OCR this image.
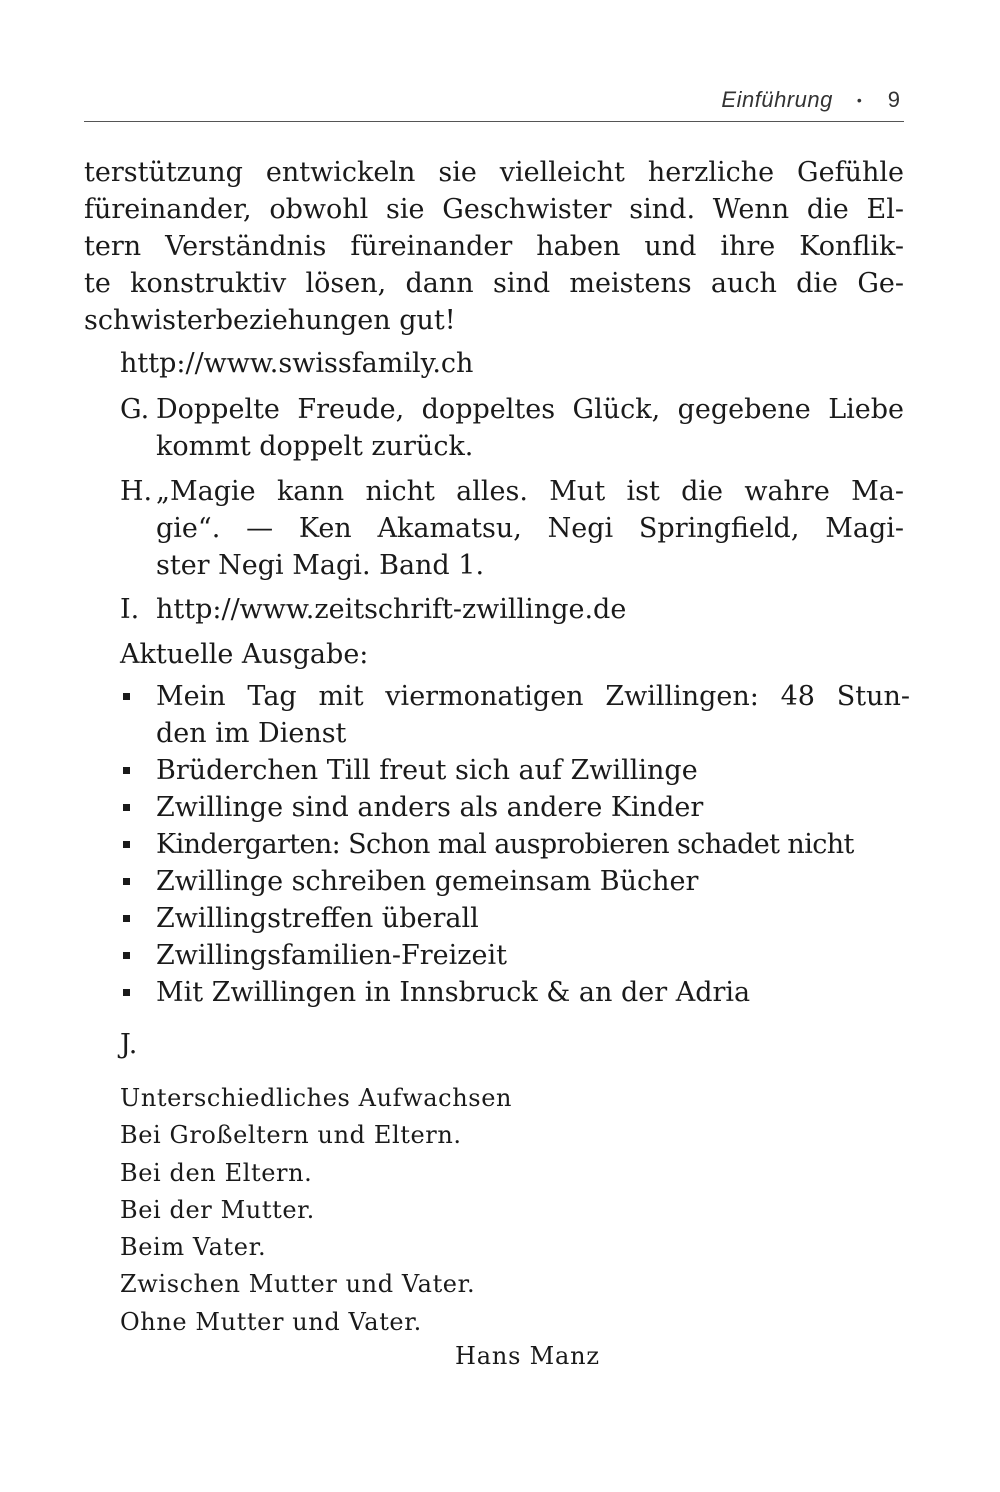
Einführung • 9
terstützung entwickeln sie vielleicht herzliche Gefühle
füreinander, obwohl sie Geschwister sind. Wenn die El-
tern Verständnis füreinander haben und ihre Konflik-
te konstruktiv lösen, dann sind meistens auch die Ge-
schwisterbeziehungen gut!
http://www.swissfamily.ch
G. Doppelte Freude, doppeltes Glück, gegebene Liebe
kommt doppelt zurück.
H. „Magie kann nicht alles. Mut ist die wahre Ma-
gie“. — Ken Akamatsu, Negi Springfield, Magi-
ster Negi Magi. Band 1.
I. http://www.zeitschrift-zwillinge.de
Aktuelle Ausgabe:
Mein Tag mit viermonatigen Zwillingen: 48 Stun-
den im Dienst
Brüderchen Till freut sich auf Zwillinge
Zwillinge sind anders als andere Kinder
Kindergarten: Schon mal ausprobieren schadet nicht
Zwillinge schreiben gemeinsam Bücher
Zwillingstreffen überall
Zwillingsfamilien-Freizeit
Mit Zwillingen in Innsbruck & an der Adria
J.
Unterschiedliches Aufwachsen
Bei Großeltern und Eltern.
Bei den Eltern.
Bei der Mutter.
Beim Vater.
Zwischen Mutter und Vater.
Ohne Mutter und Vater.
Hans Manz
